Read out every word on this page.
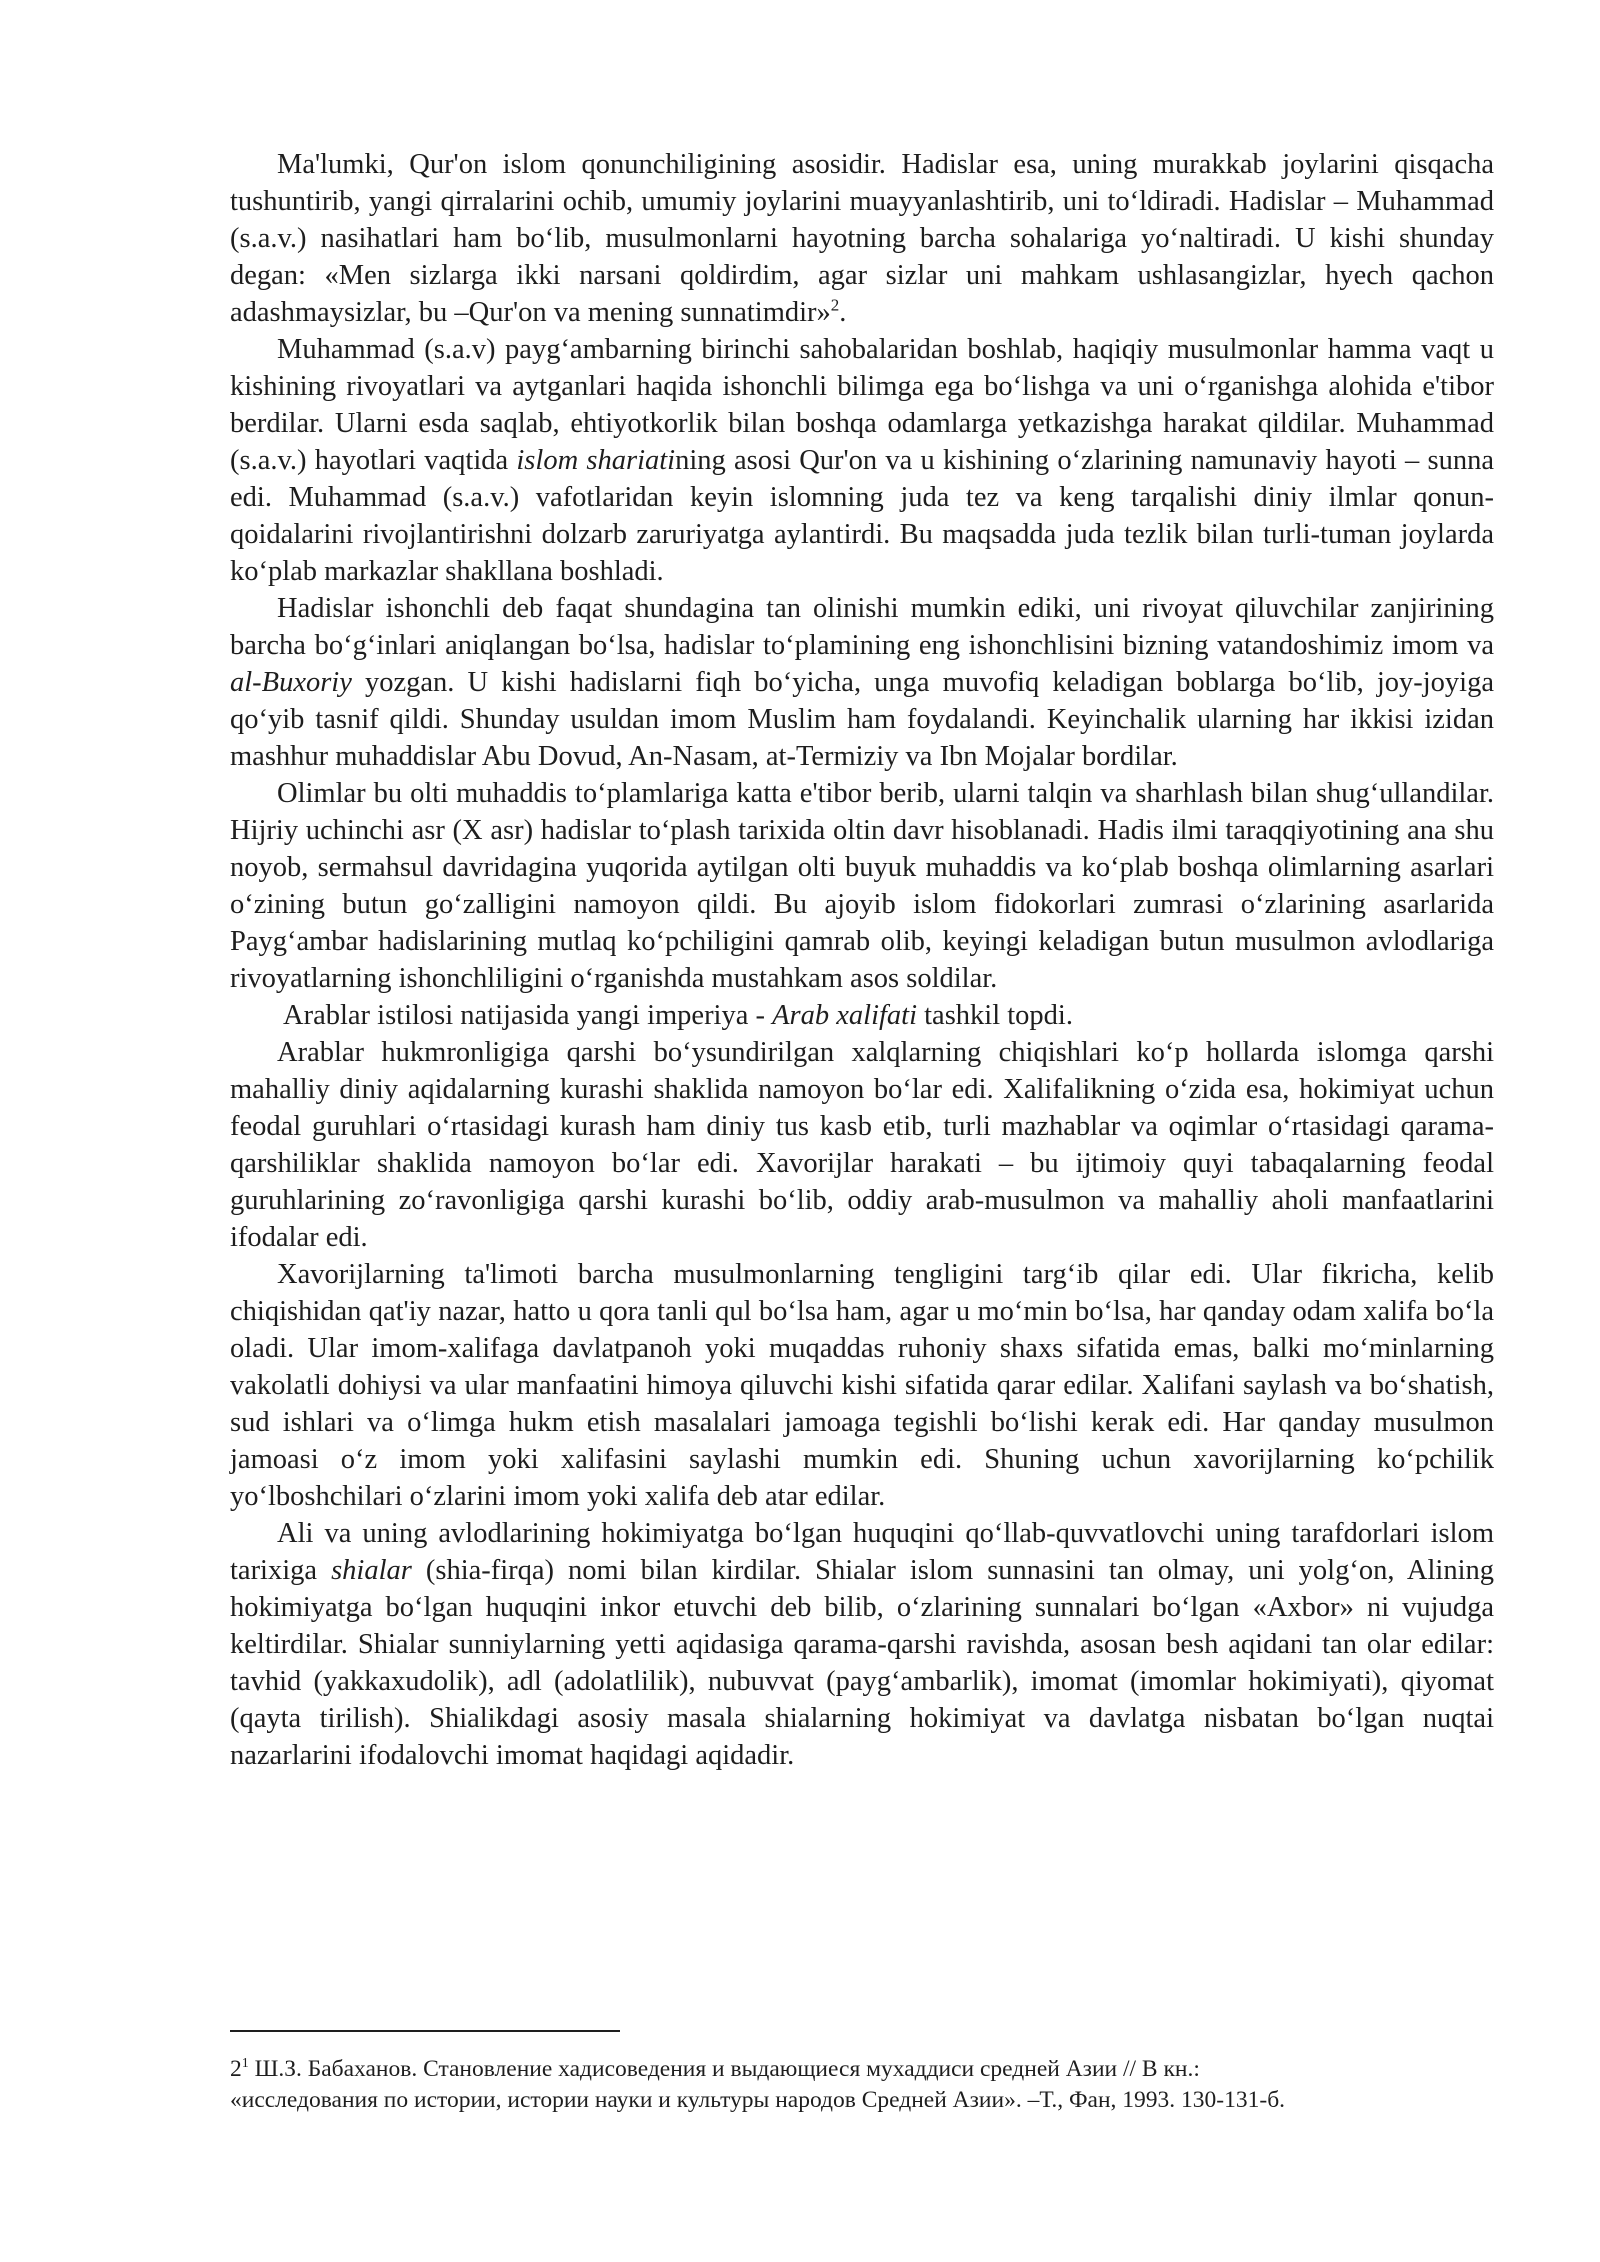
Ma'lumki, Qur'on islom qonunchiligining asosidir. Hadislar esa, uning murakkab joylarini qisqacha tushuntirib, yangi qirralarini ochib, umumiy joylarini muayyanlashtirib, uni toʻldiradi. Hadislar – Muhammad (s.a.v.) nasihatlari ham boʻlib, musulmonlarni hayotning barcha sohalariga yoʻnaltiradi. U kishi shunday degan: «Men sizlarga ikki narsani qoldirdim, agar sizlar uni mahkam ushlasangizlar, hyech qachon adashmaysizlar, bu –Qur'on va mening sunnatimdir»$^2$.

Muhammad (s.a.v) paygʻambarning birinchi sahobalaridan boshlab, haqiqiy musulmonlar hamma vaqt u kishining rivoyatlari va aytganlari haqida ishonchli bilimga ega boʻlishga va uni oʻrganishga alohida e'tibor berdilar. Ularni esda saqlab, ehtiyotkorlik bilan boshqa odamlarga yetkazishga harakat qildilar. Muhammad (s.a.v.) hayotlari vaqtida islom shariatining asosi Qur'on va u kishining oʻzlarining namunaviy hayoti – sunna edi. Muhammad (s.a.v.) vafotlaridan keyin islomning juda tez va keng tarqalishi diniy ilmlar qonun-qoidalarini rivojlantirishni dolzarb zaruriyatga aylantirdi. Bu maqsadda juda tezlik bilan turli-tuman joylarda koʻplab markazlar shakllana boshladi.

Hadislar ishonchli deb faqat shundagina tan olinishi mumkin ediki, uni rivoyat qiluvchilar zanjirining barcha boʻgʻinlari aniqlangan boʻlsa, hadislar toʻplamining eng ishonchlisini bizning vatandoshimiz imom va al-Buxoriy yozgan. U kishi hadislarni fiqh boʻyicha, unga muvofiq keladigan boblarga boʻlib, joy-joyiga qoʻyib tasnif qildi. Shunday usuldan imom Muslim ham foydalandi. Keyinchalik ularning har ikkisi izidan mashhur muhaddislar Abu Dovud, An-Nasam, at-Termiziy va Ibn Mojalar bordilar.

Olimlar bu olti muhaddis toʻplamlariga katta e'tibor berib, ularni talqin va sharhlash bilan shugʻullandilar. Hijriy uchinchi asr (X asr) hadislar toʻplash tarixida oltin davr hisoblanadi. Hadis ilmi taraqqiyotining ana shu noyob, sermahsul davridagina yuqorida aytilgan olti buyuk muhaddis va koʻplab boshqa olimlarning asarlari oʻzining butun goʻzalligini namoyon qildi. Bu ajoyib islom fidokorlari zumrasi oʻzlarining asarlarida Paygʻambar hadislarining mutlaq koʻpchiligini qamrab olib, keyingi keladigan butun musulmon avlodlariga rivoyatlarning ishonchliligini oʻrganishda mustahkam asos soldilar.

Arablar istilosi natijasida yangi imperiya - Arab xalifati tashkil topdi.

Arablar hukmronligiga qarshi boʻysundirilgan xalqlarning chiqishlari koʻp hollarda islomga qarshi mahalliy diniy aqidalarning kurashi shaklida namoyon boʻlar edi. Xalifalikning oʻzida esa, hokimiyat uchun feodal guruhlari oʻrtasidagi kurash ham diniy tus kasb etib, turli mazhablar va oqimlar oʻrtasidagi qarama-qarshiliklar shaklida namoyon boʻlar edi. Xavorijlar harakati – bu ijtimoiy quyi tabaqalarning feodal guruhlarining zoʻravonligiga qarshi kurashi boʻlib, oddiy arab-musulmon va mahalliy aholi manfaatlarini ifodalar edi.

Xavorijlarning ta'limoti barcha musulmonlarning tengligini targʻib qilar edi. Ular fikricha, kelib chiqishidan qat'iy nazar, hatto u qora tanli qul boʻlsa ham, agar u moʻmin boʻlsa, har qanday odam xalifa boʻla oladi. Ular imom-xalifaga davlatpanoh yoki muqaddas ruhoniy shaxs sifatida emas, balki moʻminlarning vakolatli dohiysi va ular manfaatini himoya qiluvchi kishi sifatida qarar edilar. Xalifani saylash va boʻshatish, sud ishlari va oʻlimga hukm etish masalalari jamoaga tegishli boʻlishi kerak edi. Har qanday musulmon jamoasi oʻz imom yoki xalifasini saylashi mumkin edi. Shuning uchun xavorijlarning koʻpchilik yoʻlboshchilari oʻzlarini imom yoki xalifa deb atar edilar.

Ali va uning avlodlarining hokimiyatga boʻlgan huquqini qoʻllab-quvvatlovchi uning tarafdorlari islom tarixiga shialar (shia-firqa) nomi bilan kirdilar. Shialar islom sunnasini tan olmay, uni yolgʻon, Alining hokimiyatga boʻlgan huquqini inkor etuvchi deb bilib, oʻzlarining sunnalari boʻlgan «Axbor» ni vujudga keltirdilar. Shialar sunniylarning yetti aqidasiga qarama-qarshi ravishda, asosan besh aqidani tan olar edilar: tavhid (yakkaxudolik), adl (adolatlilik), nubuvvat (paygʻambarlik), imomat (imomlar hokimiyati), qiyomat (qayta tirilish). Shialikdagi asosiy masala shialarning hokimiyat va davlatga nisbatan boʻlgan nuqtai nazarlarini ifodalovchi imomat haqidagi aqidadir.

$2^1$ Ш.З. Бабаханов. Становление хадисоведения и выдающиеся мухаддиси средней Азии // В кн.:
«исследования по истории, истории науки и культуры народов Средней Азии». –Т., Фан, 1993. 130-131-б.
